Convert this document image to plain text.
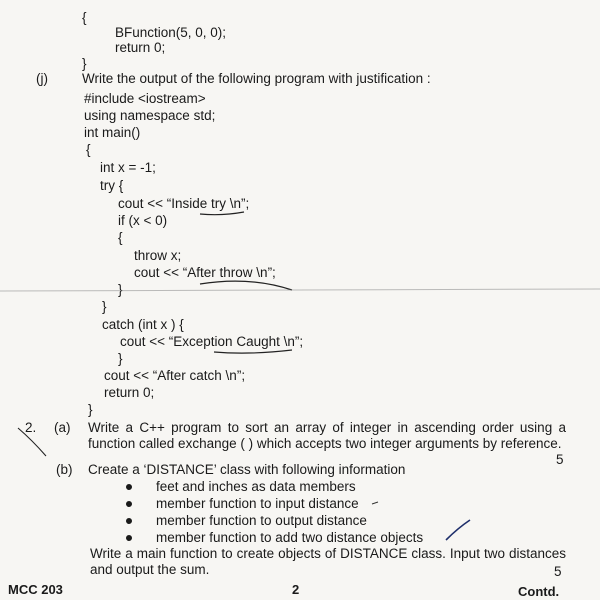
{
BFunction(5, 0, 0);
return 0;
}
(j)	Write the output of the following program with justification :
#include <iostream>
using namespace std;
int main()
{
int x = -1;
try {
cout << “Inside try \n”;
if (x < 0)
{
throw x;
cout << “After throw \n”;
}
}
catch (int x ) {
cout << “Exception Caught \n”;
}
cout << “After catch \n”;
return 0;
}
2. (a) Write a C++ program to sort an array of integer in ascending order using a function called exchange ( ) which accepts two integer arguments by reference.
5
(b) Create a ‘DISTANCE’ class with following information
feet and inches as data members
member function to input distance
member function to output distance
member function to add two distance objects
Write a main function to create objects of DISTANCE class. Input two distances and output the sum.	5
MCC 203	2	Contd.
